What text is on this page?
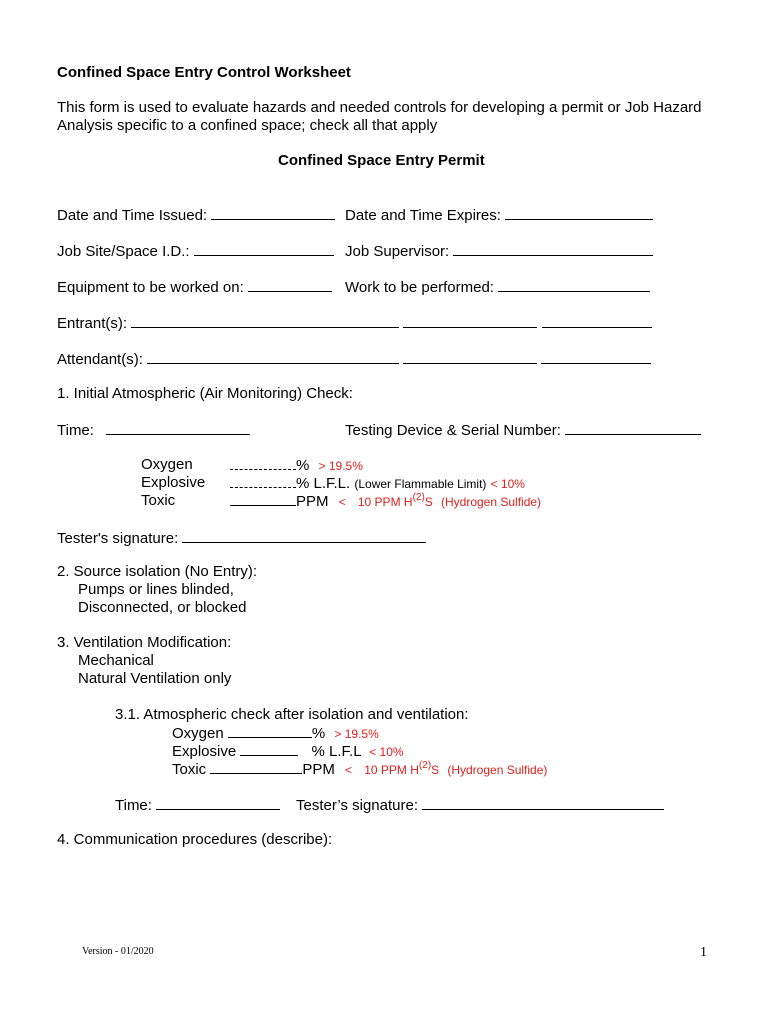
Confined Space Entry Control Worksheet
This form is used to evaluate hazards and needed controls for developing a permit or Job Hazard
Analysis specific to a confined space; check all that apply
Confined Space Entry Permit
Date and Time Issued:	Date and Time Expires:
Job Site/Space I.D.:	Job Supervisor:
Equipment to be worked on:	Work to be performed:
Entrant(s):
Attendant(s):
1. Initial Atmospheric (Air Monitoring) Check:
Time:	Testing Device & Serial Number:
Oxygen	% > 19.5%
Explosive	% L.F.L. (Lower Flammable Limit) < 10%
Toxic	PPM < 10 PPM $H^{(2)}S$ (Hydrogen Sulfide)
Tester's signature:
2. Source isolation (No Entry):
Pumps or lines blinded,
Disconnected, or blocked
3. Ventilation Modification:
Mechanical
Natural Ventilation only
3.1. Atmospheric check after isolation and ventilation:
Oxygen	% > 19.5%
Explosive	% L.F.L < 10%
Toxic	PPM < 10 PPM $H^{(2)}S$ (Hydrogen Sulfide)
Time:	Tester’s signature:
4. Communication procedures (describe):
Version - 01/2020	1
